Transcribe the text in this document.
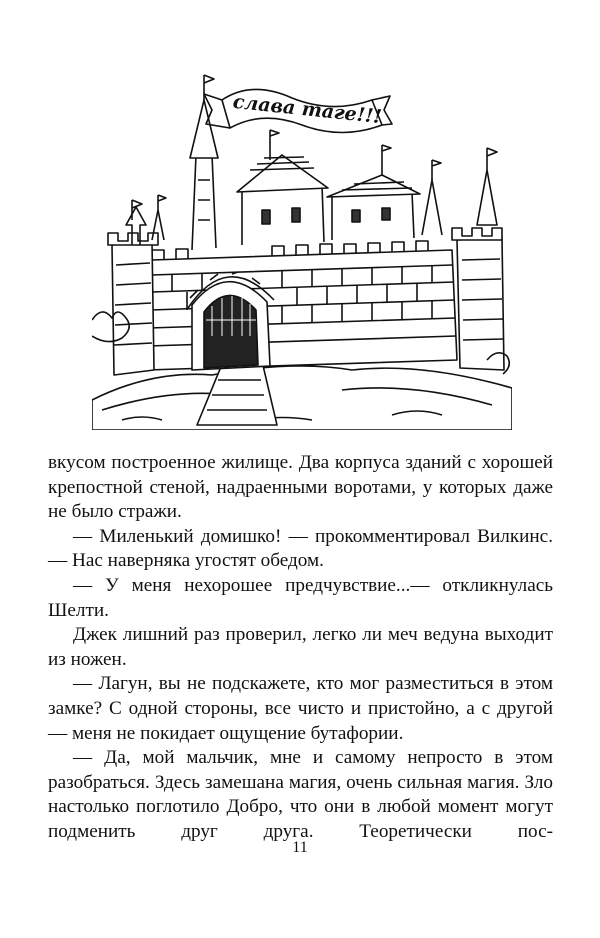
слава таге!!!

вкусом построенное жилище. Два корпуса зданий с хорошей крепостной стеной, надраенными воротами, у которых даже не было стражи.

— Миленький домишко! — прокомментировал Вилкинс.— Нас наверняка угостят обедом.

— У меня нехорошее предчувствие...— откликнулась Шелти.

Джек лишний раз проверил, легко ли меч ведуна выходит из ножен.

— Лагун, вы не подскажете, кто мог разместиться в этом замке? С одной стороны, все чисто и пристойно, а с другой — меня не покидает ощущение бутафории.

— Да, мой мальчик, мне и самому непросто в этом разобраться. Здесь замешана магия, очень сильная магия. Зло настолько поглотило Добро, что они в любой момент могут подменить друг друга. Теоретически пос-

11
